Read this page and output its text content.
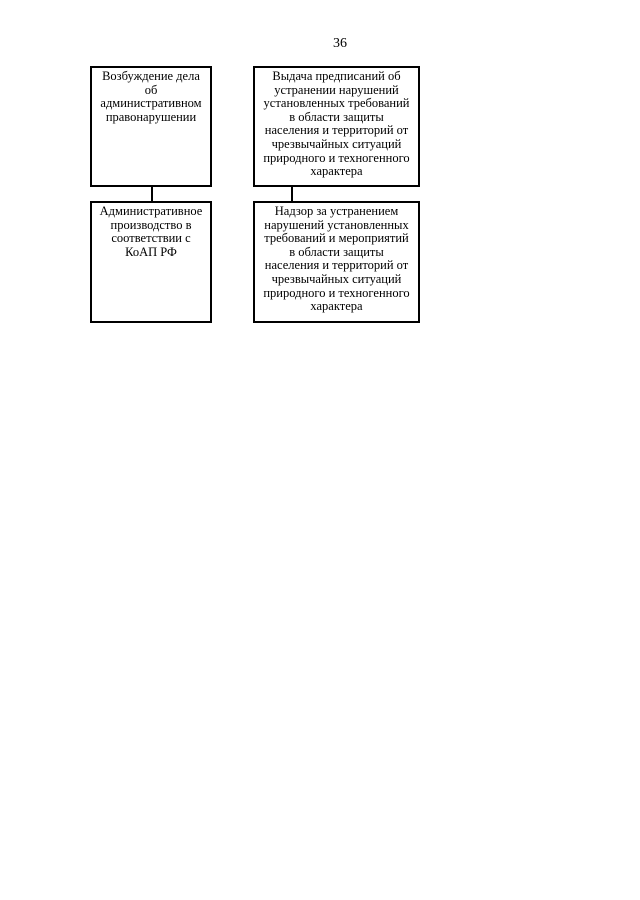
36
Возбуждение дела
об
административном
правонарушении
Выдача предписаний об
устранении нарушений
установленных требований
в области защиты
населения и территорий от
чрезвычайных ситуаций
природного и техногенного
характера
Административное
производство в
соответствии с
КоАП РФ
Надзор за устранением
нарушений установленных
требований и мероприятий
в области защиты
населения и территорий от
чрезвычайных ситуаций
природного и техногенного
характера
